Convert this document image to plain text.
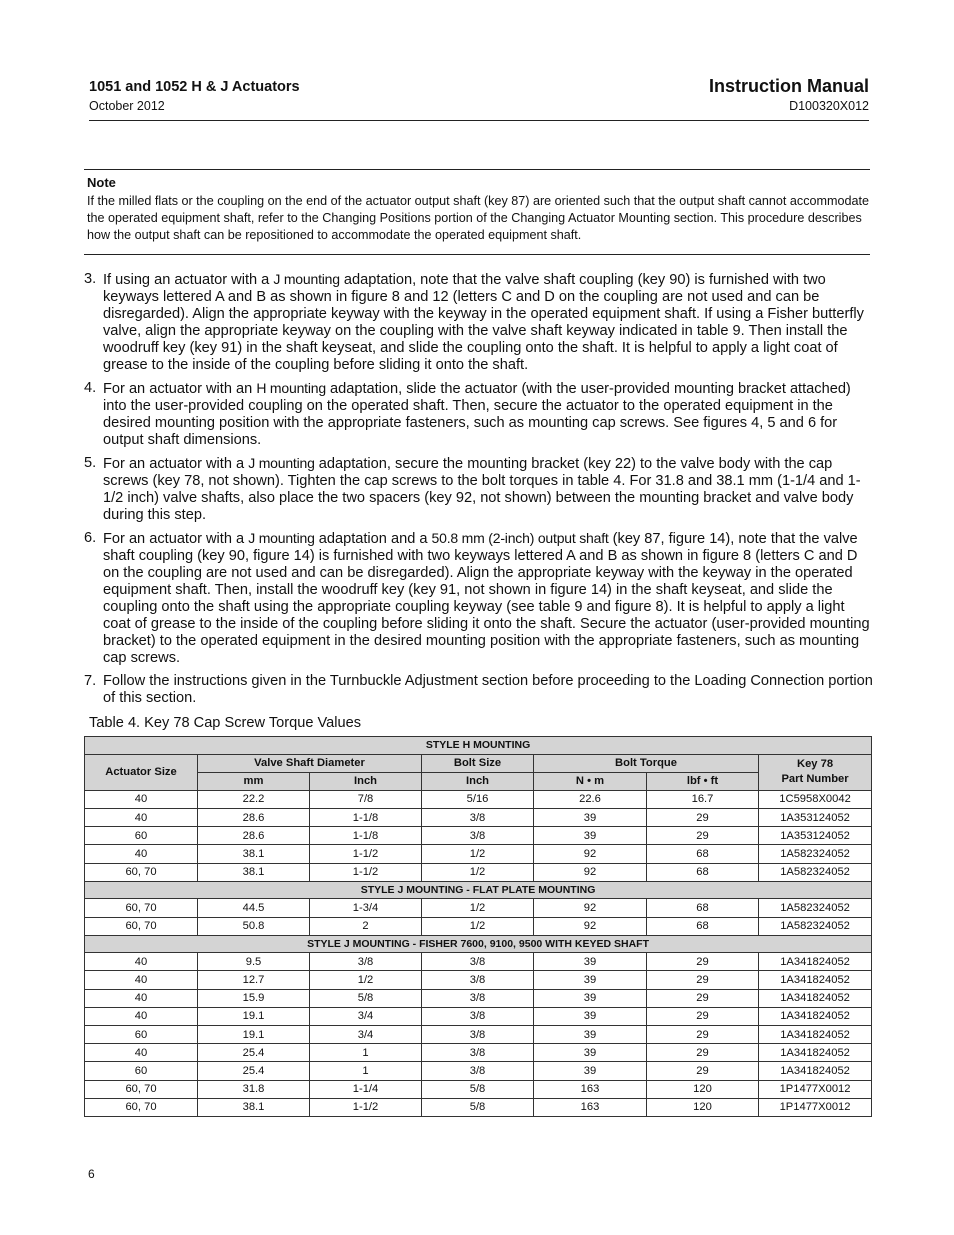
1051 and 1052 H & J Actuators
October 2012
Instruction Manual
D100320X012
Note
If the milled flats or the coupling on the end of the actuator output shaft (key 87) are oriented such that the output shaft cannot accommodate the operated equipment shaft, refer to the Changing Positions portion of the Changing Actuator Mounting section. This procedure describes how the output shaft can be repositioned to accommodate the operated equipment shaft.
3. If using an actuator with a J mounting adaptation, note that the valve shaft coupling (key 90) is furnished with two keyways lettered A and B as shown in figure 8 and 12 (letters C and D on the coupling are not used and can be disregarded). Align the appropriate keyway with the keyway in the operated equipment shaft. If using a Fisher butterfly valve, align the appropriate keyway on the coupling with the valve shaft keyway indicated in table 9. Then install the woodruff key (key 91) in the shaft keyseat, and slide the coupling onto the shaft. It is helpful to apply a light coat of grease to the inside of the coupling before sliding it onto the shaft.
4. For an actuator with an H mounting adaptation, slide the actuator (with the user-provided mounting bracket attached) into the user-provided coupling on the operated shaft. Then, secure the actuator to the operated equipment in the desired mounting position with the appropriate fasteners, such as mounting cap screws. See figures 4, 5 and 6 for output shaft dimensions.
5. For an actuator with a J mounting adaptation, secure the mounting bracket (key 22) to the valve body with the cap screws (key 78, not shown). Tighten the cap screws to the bolt torques in table 4. For 31.8 and 38.1 mm (1-1/4 and 1-1/2 inch) valve shafts, also place the two spacers (key 92, not shown) between the mounting bracket and valve body during this step.
6. For an actuator with a J mounting adaptation and a 50.8 mm (2-inch) output shaft (key 87, figure 14), note that the valve shaft coupling (key 90, figure 14) is furnished with two keyways lettered A and B as shown in figure 8 (letters C and D on the coupling are not used and can be disregarded). Align the appropriate keyway with the keyway in the operated equipment shaft. Then, install the woodruff key (key 91, not shown in figure 14) in the shaft keyseat, and slide the coupling onto the shaft using the appropriate coupling keyway (see table 9 and figure 8). It is helpful to apply a light coat of grease to the inside of the coupling before sliding it onto the shaft. Secure the actuator (user-provided mounting bracket) to the operated equipment in the desired mounting position with the appropriate fasteners, such as mounting cap screws.
7. Follow the instructions given in the Turnbuckle Adjustment section before proceeding to the Loading Connection portion of this section.
Table 4. Key 78 Cap Screw Torque Values
STYLE H MOUNTING						
Actuator Size	Valve Shaft Diameter		Bolt Size	Bolt Torque		Key 78
Part Number
	mm	Inch	Inch	N • m	lbf • ft	
40	22.2	7/8	5/16	22.6	16.7	1C5958X0042
40	28.6	1-1/8	3/8	39	29	1A353124052
60	28.6	1-1/8	3/8	39	29	1A353124052
40	38.1	1-1/2	1/2	92	68	1A582324052
60, 70	38.1	1-1/2	1/2	92	68	1A582324052
STYLE J MOUNTING - FLAT PLATE MOUNTING						
60, 70	44.5	1-3/4	1/2	92	68	1A582324052
60, 70	50.8	2	1/2	92	68	1A582324052
STYLE J MOUNTING - FISHER 7600, 9100, 9500 WITH KEYED SHAFT						
40	9.5	3/8	3/8	39	29	1A341824052
40	12.7	1/2	3/8	39	29	1A341824052
40	15.9	5/8	3/8	39	29	1A341824052
40	19.1	3/4	3/8	39	29	1A341824052
60	19.1	3/4	3/8	39	29	1A341824052
40	25.4	1	3/8	39	29	1A341824052
60	25.4	1	3/8	39	29	1A341824052
60, 70	31.8	1-1/4	5/8	163	120	1P1477X0012
60, 70	38.1	1-1/2	5/8	163	120	1P1477X0012
6
